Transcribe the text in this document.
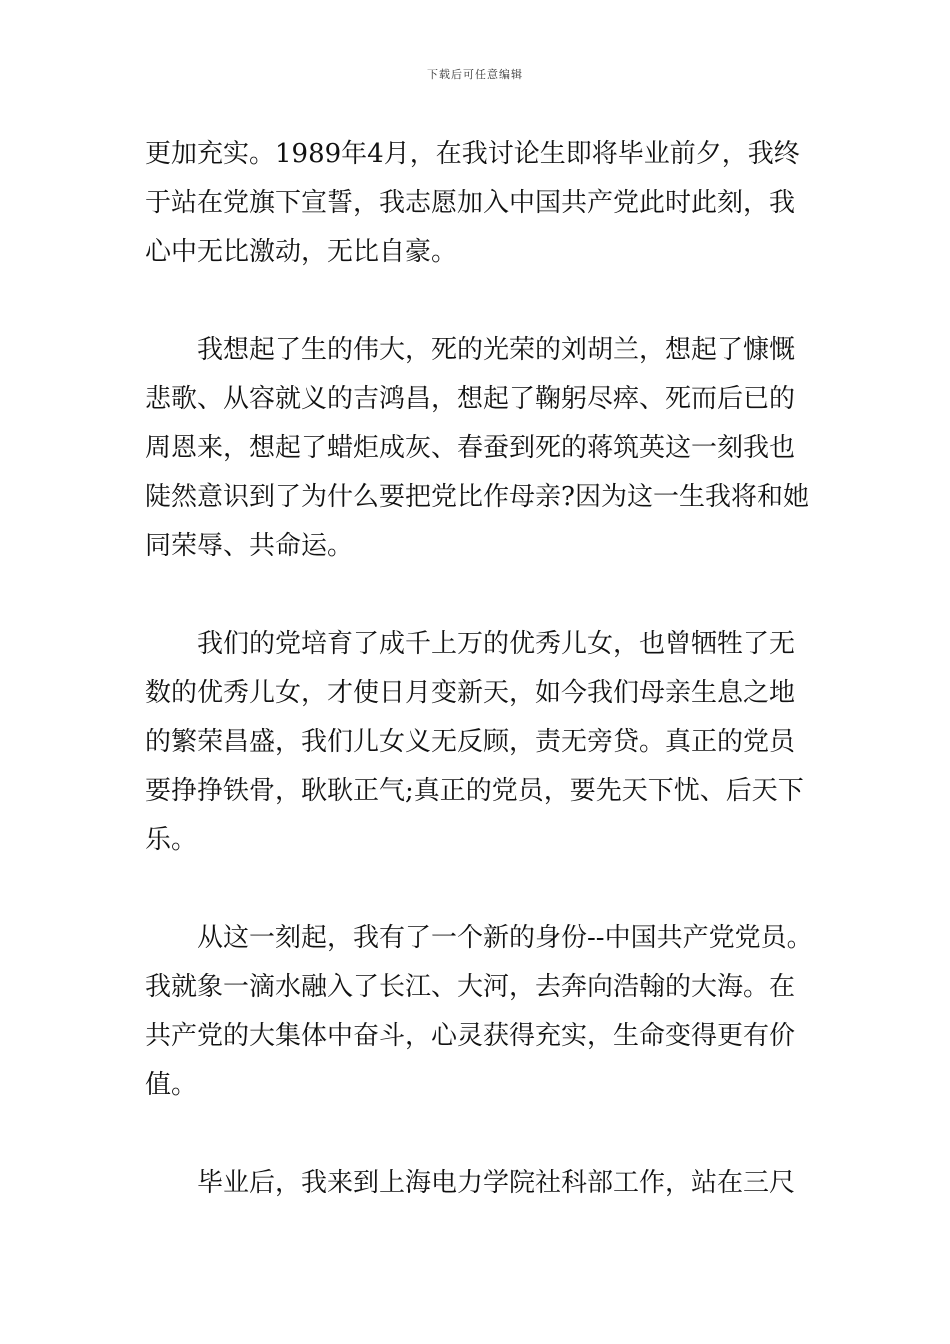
下载后可任意编辑
更加充实。1989年4月，在我讨论生即将毕业前夕，我终
于站在党旗下宣誓，我志愿加入中国共产党此时此刻，我
心中无比激动，无比自豪。
我想起了生的伟大，死的光荣的刘胡兰，想起了慷慨
悲歌、从容就义的吉鸿昌，想起了鞠躬尽瘁、死而后已的
周恩来，想起了蜡炬成灰、春蚕到死的蒋筑英这一刻我也
陡然意识到了为什么要把党比作母亲?因为这一生我将和她
同荣辱、共命运。
我们的党培育了成千上万的优秀儿女，也曾牺牲了无
数的优秀儿女，才使日月变新天，如今我们母亲生息之地
的繁荣昌盛，我们儿女义无反顾，责无旁贷。真正的党员
要挣挣铁骨，耿耿正气;真正的党员，要先天下忧、后天下
乐。
从这一刻起，我有了一个新的身份--中国共产党党员。
我就象一滴水融入了长江、大河，去奔向浩翰的大海。在
共产党的大集体中奋斗，心灵获得充实，生命变得更有价
值。
毕业后，我来到上海电力学院社科部工作，站在三尺
